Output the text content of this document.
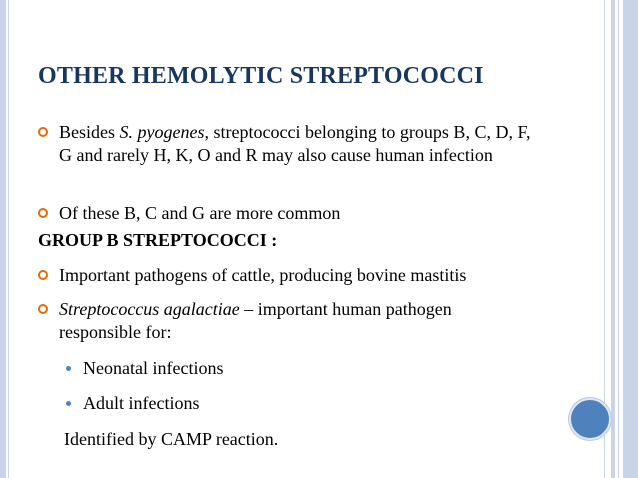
OTHER HEMOLYTIC STREPTOCOCCI
Besides S. pyogenes, streptococci belonging to groups B, C, D, F, G and rarely H, K, O and R may also cause human infection
Of these B, C and G are more common
GROUP B STREPTOCOCCI :
Important pathogens of cattle, producing bovine mastitis
Streptococcus agalactiae – important human pathogen responsible for:
Neonatal infections
Adult infections
Identified by CAMP reaction.
